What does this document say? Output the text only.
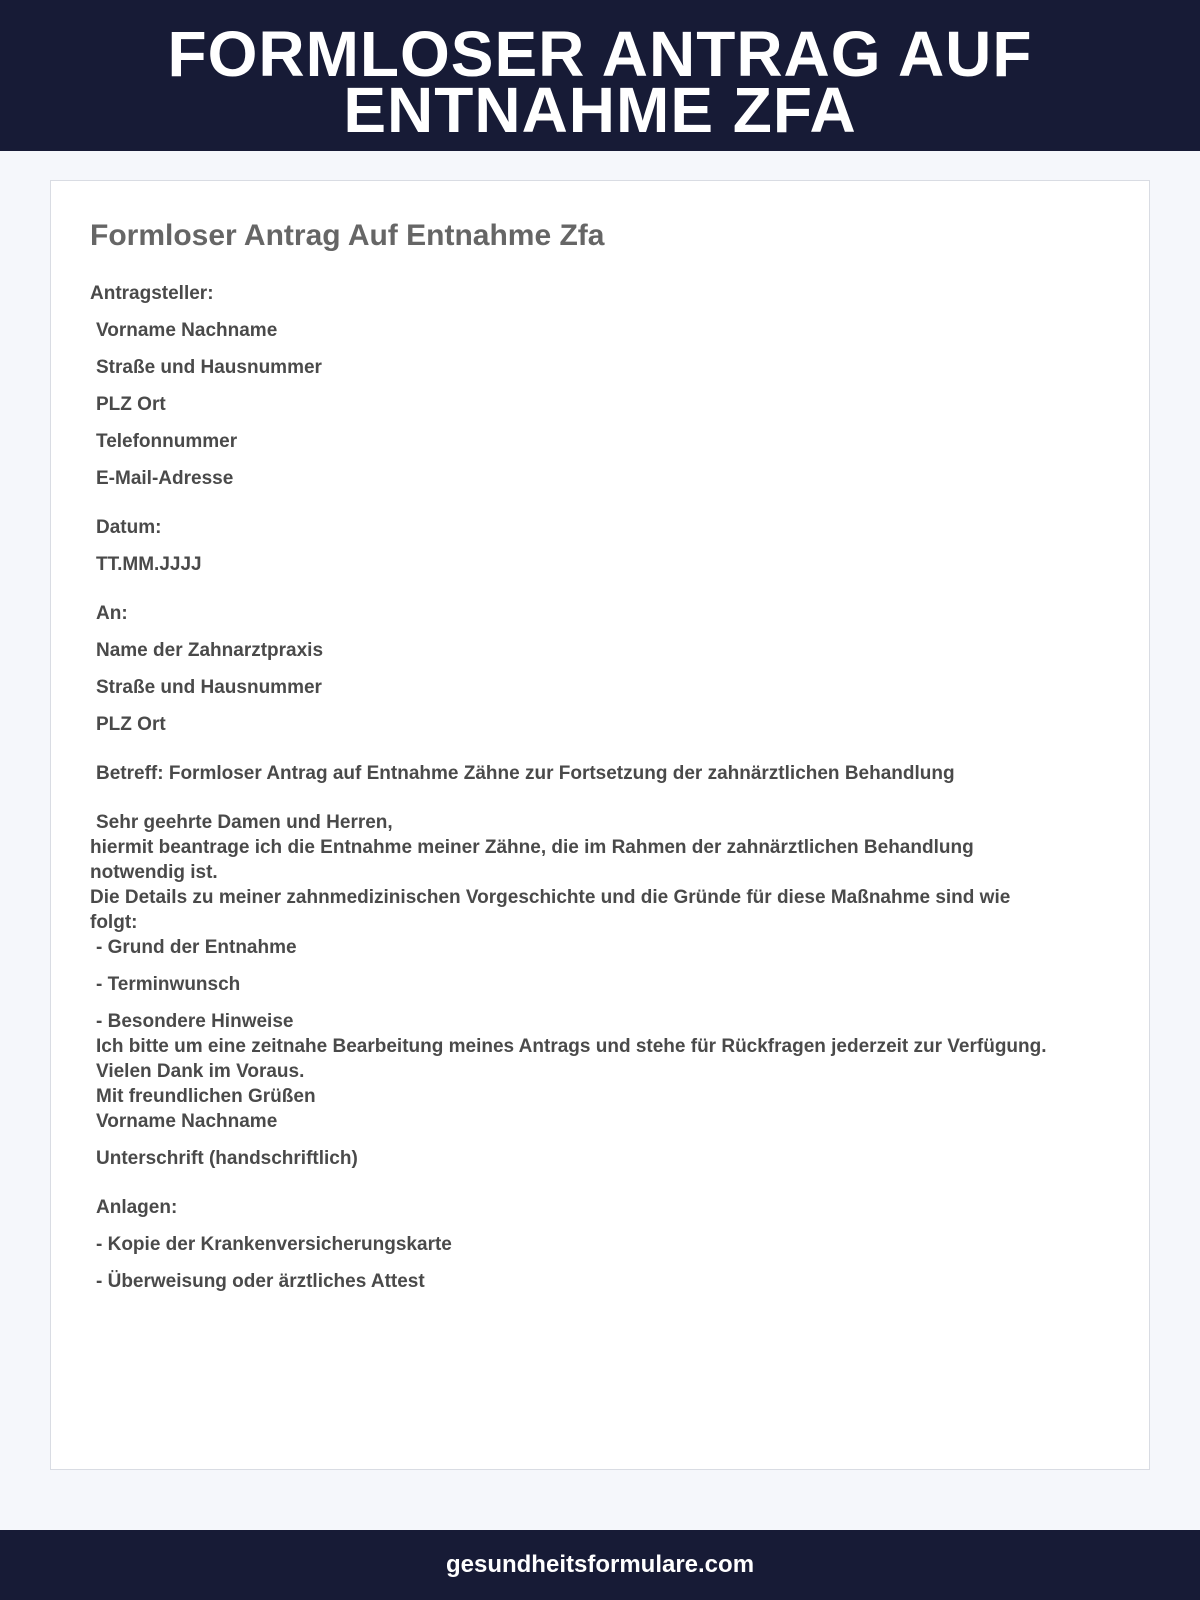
FORMLOSER ANTRAG AUF
ENTNAHME ZFA
Formloser Antrag Auf Entnahme Zfa
Antragsteller:
Vorname Nachname
Straße und Hausnummer
PLZ Ort
Telefonnummer
E-Mail-Adresse
Datum:
TT.MM.JJJJ
An:
Name der Zahnarztpraxis
Straße und Hausnummer
PLZ Ort
Betreff: Formloser Antrag auf Entnahme Zähne zur Fortsetzung der zahnärztlichen Behandlung
Sehr geehrte Damen und Herren,
hiermit beantrage ich die Entnahme meiner Zähne, die im Rahmen der zahnärztlichen Behandlung
notwendig ist.
Die Details zu meiner zahnmedizinischen Vorgeschichte und die Gründe für diese Maßnahme sind wie
folgt:
- Grund der Entnahme
- Terminwunsch
- Besondere Hinweise
Ich bitte um eine zeitnahe Bearbeitung meines Antrags und stehe für Rückfragen jederzeit zur Verfügung.
Vielen Dank im Voraus.
Mit freundlichen Grüßen
Vorname Nachname
Unterschrift (handschriftlich)
Anlagen:
- Kopie der Krankenversicherungskarte
- Überweisung oder ärztliches Attest
gesundheitsformulare.com
